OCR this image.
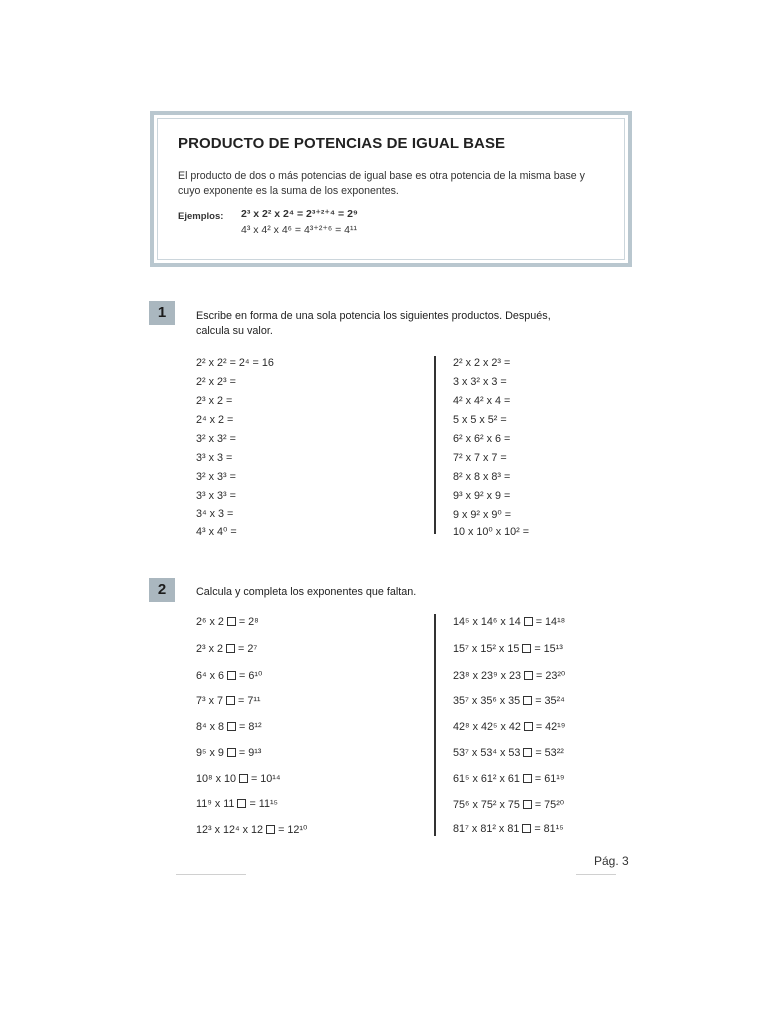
PRODUCTO DE POTENCIAS DE IGUAL BASE
El producto de dos o más potencias de igual base es otra potencia de la misma base y cuyo exponente es la suma de los exponentes.
Ejemplos: 2³ x 2² x 2⁴ = 2³⁺²⁺⁴ = 2⁹
4³ x 4² x 4⁶ = 4³⁺²⁺⁶ = 4¹¹
1	Escribe en forma de una sola potencia los siguientes productos. Después, calcula su valor.
2² x 2² = 2⁴ = 16
2² x 2³ =
2³ x 2 =
2⁴ x 2 =
3² x 3² =
3³ x 3 =
3² x 3³ =
3³ x 3³ =
3⁴ x 3 =
4³ x 4⁰ =
2² x 2 x 2³ =
3 x 3² x 3 =
4² x 4² x 4 =
5 x 5 x 5² =
6² x 6² x 6 =
7² x 7 x 7 =
8² x 8 x 8³ =
9³ x 9² x 9 =
9 x 9² x 9⁰ =
10 x 10⁰ x 10² =
2	Calcula y completa los exponentes que faltan.
2⁶ x 2 = 2⁸
2³ x 2 = 2⁷
6⁴ x 6 = 6¹⁰
7³ x 7 = 7¹¹
8⁴ x 8 = 8¹²
9⁵ x 9 = 9¹³
10⁸ x 10 = 10¹⁴
11⁹ x 11 = 11¹⁵
12³ x 12⁴ x 12 = 12¹⁰
14⁵ x 14⁶ x 14 = 14¹⁸
15⁷ x 15² x 15 = 15¹³
23⁸ x 23⁹ x 23 = 23²⁰
35⁷ x 35⁶ x 35 = 35²⁴
42⁸ x 42⁵ x 42 = 42¹⁹
53⁷ x 53⁴ x 53 = 53²²
61⁵ x 61² x 61 = 61¹⁹
75⁶ x 75² x 75 = 75²⁰
81⁷ x 81² x 81 = 81¹⁵
Pág. 3
